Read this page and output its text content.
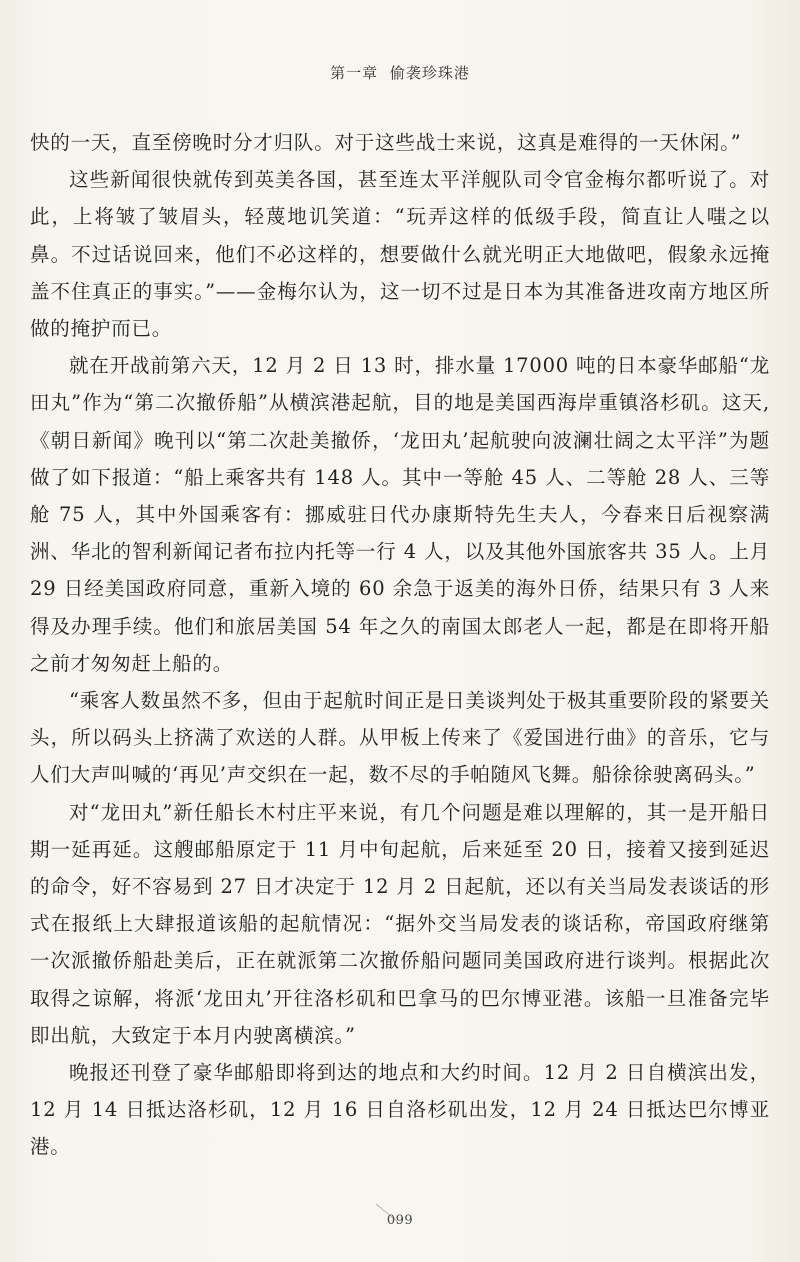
第一章 偷袭珍珠港

快的一天，直至傍晚时分才归队。对于这些战士来说，这真是难得的一天休闲。”

这些新闻很快就传到英美各国，甚至连太平洋舰队司令官金梅尔都听说了。对此，上将皱了皱眉头，轻蔑地讥笑道：“玩弄这样的低级手段，简直让人嗤之以鼻。不过话说回来，他们不必这样的，想要做什么就光明正大地做吧，假象永远掩盖不住真正的事实。”——金梅尔认为，这一切不过是日本为其准备进攻南方地区所做的掩护而已。

就在开战前第六天，12 月 2 日 13 时，排水量 17000 吨的日本豪华邮船“龙田丸”作为“第二次撤侨船”从横滨港起航，目的地是美国西海岸重镇洛杉矶。这天,《朝日新闻》晚刊以“第二次赴美撤侨，‘龙田丸’起航驶向波澜壮阔之太平洋”为题做了如下报道：“船上乘客共有 148 人。其中一等舱 45 人、二等舱 28 人、三等舱 75 人，其中外国乘客有：挪威驻日代办康斯特先生夫人，今春来日后视察满洲、华北的智利新闻记者布拉内托等一行 4 人，以及其他外国旅客共 35 人。上月 29 日经美国政府同意，重新入境的 60 余急于返美的海外日侨，结果只有 3 人来得及办理手续。他们和旅居美国 54 年之久的南国太郎老人一起，都是在即将开船之前才匆匆赶上船的。

“乘客人数虽然不多，但由于起航时间正是日美谈判处于极其重要阶段的紧要关头，所以码头上挤满了欢送的人群。从甲板上传来了《爱国进行曲》的音乐，它与人们大声叫喊的‘再见’声交织在一起，数不尽的手帕随风飞舞。船徐徐驶离码头。”

对“龙田丸”新任船长木村庄平来说，有几个问题是难以理解的，其一是开船日期一延再延。这艘邮船原定于 11 月中旬起航，后来延至 20 日，接着又接到延迟的命令，好不容易到 27 日才决定于 12 月 2 日起航，还以有关当局发表谈话的形式在报纸上大肆报道该船的起航情况：“据外交当局发表的谈话称，帝国政府继第一次派撤侨船赴美后，正在就派第二次撤侨船问题同美国政府进行谈判。根据此次取得之谅解，将派‘龙田丸’开往洛杉矶和巴拿马的巴尔博亚港。该船一旦准备完毕即出航，大致定于本月内驶离横滨。”

晚报还刊登了豪华邮船即将到达的地点和大约时间。12 月 2 日自横滨出发，12 月 14 日抵达洛杉矶，12 月 16 日自洛杉矶出发，12 月 24 日抵达巴尔博亚港。

099
